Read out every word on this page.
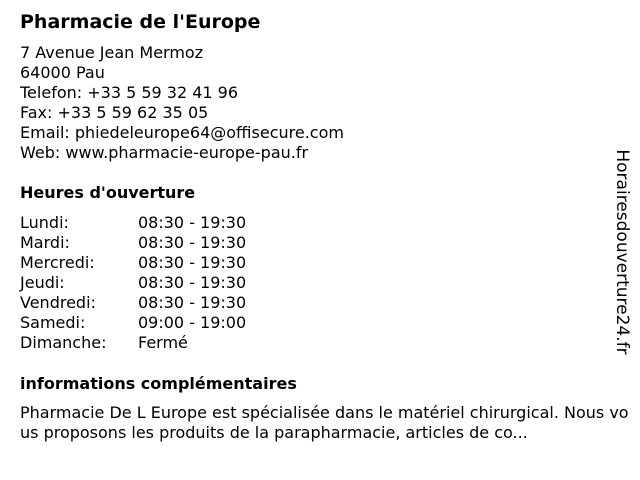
Pharmacie de l'Europe
7 Avenue Jean Mermoz
64000 Pau
Telefon: +33 5 59 32 41 96
Fax: +33 5 59 62 35 05
Email: phiedeleurope64@offisecure.com
Web: www.pharmacie-europe-pau.fr
Heures d'ouverture
Lundi:	08:30 - 19:30
Mardi:	08:30 - 19:30
Mercredi:	08:30 - 19:30
Jeudi:	08:30 - 19:30
Vendredi:	08:30 - 19:30
Samedi:	09:00 - 19:00
Dimanche:	Fermé
informations complémentaires
Pharmacie De L Europe est spécialisée dans le matériel chirurgical. Nous vous proposons les produits de la parapharmacie, articles de co...
Horairesdouverture24.fr
